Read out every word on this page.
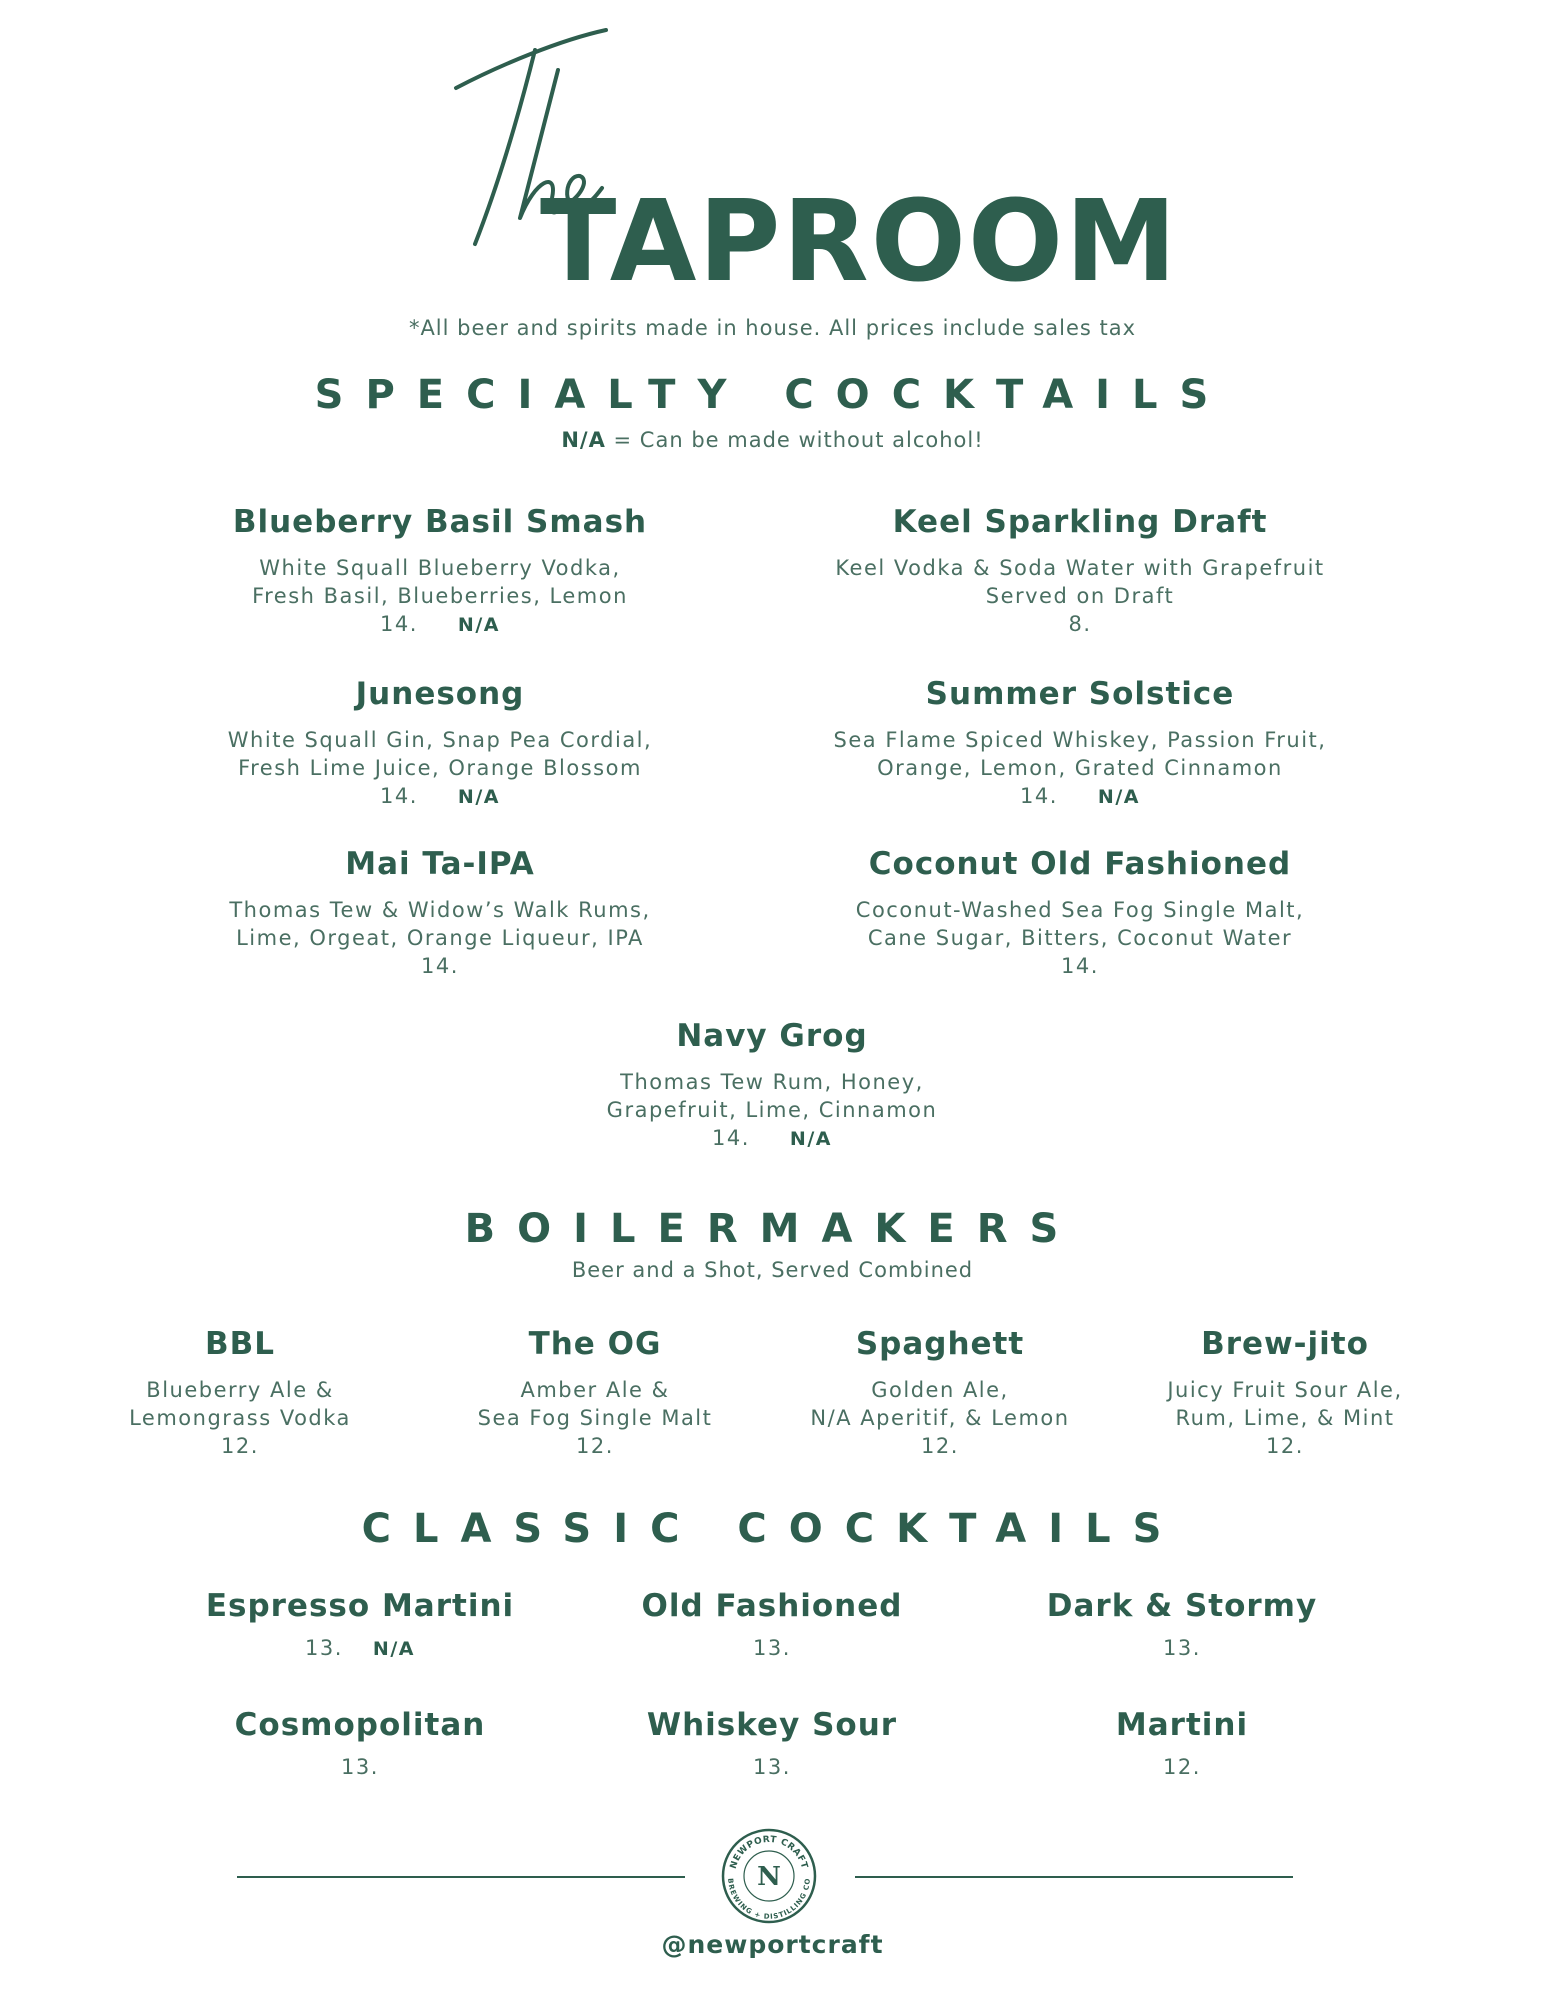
The
TAPROOM
*All beer and spirits made in house. All prices include sales tax
SPECIALTY COCKTAILS
N/A = Can be made without alcohol!
Blueberry Basil Smash
White Squall Blueberry Vodka,
Fresh Basil, Blueberries, Lemon
14. N/A
Keel Sparkling Draft
Keel Vodka & Soda Water with Grapefruit
Served on Draft
8.
Junesong
White Squall Gin, Snap Pea Cordial,
Fresh Lime Juice, Orange Blossom
14. N/A
Summer Solstice
Sea Flame Spiced Whiskey, Passion Fruit,
Orange, Lemon, Grated Cinnamon
14. N/A
Mai Ta-IPA
Thomas Tew & Widow’s Walk Rums,
Lime, Orgeat, Orange Liqueur, IPA
14.
Coconut Old Fashioned
Coconut-Washed Sea Fog Single Malt,
Cane Sugar, Bitters, Coconut Water
14.
Navy Grog
Thomas Tew Rum, Honey,
Grapefruit, Lime, Cinnamon
14. N/A
BOILERMAKERS
Beer and a Shot, Served Combined
BBL
Blueberry Ale &
Lemongrass Vodka
12.
The OG
Amber Ale &
Sea Fog Single Malt
12.
Spaghett
Golden Ale,
N/A Aperitif, & Lemon
12.
Brew-jito
Juicy Fruit Sour Ale,
Rum, Lime, & Mint
12.
CLASSIC COCKTAILS
Espresso Martini
13. N/A
Old Fashioned
13.
Dark & Stormy
13.
Cosmopolitan
13.
Whiskey Sour
13.
Martini
12.
NEWPORT CRAFT
BREWING + DISTILLING CO
N
@newportcraft
